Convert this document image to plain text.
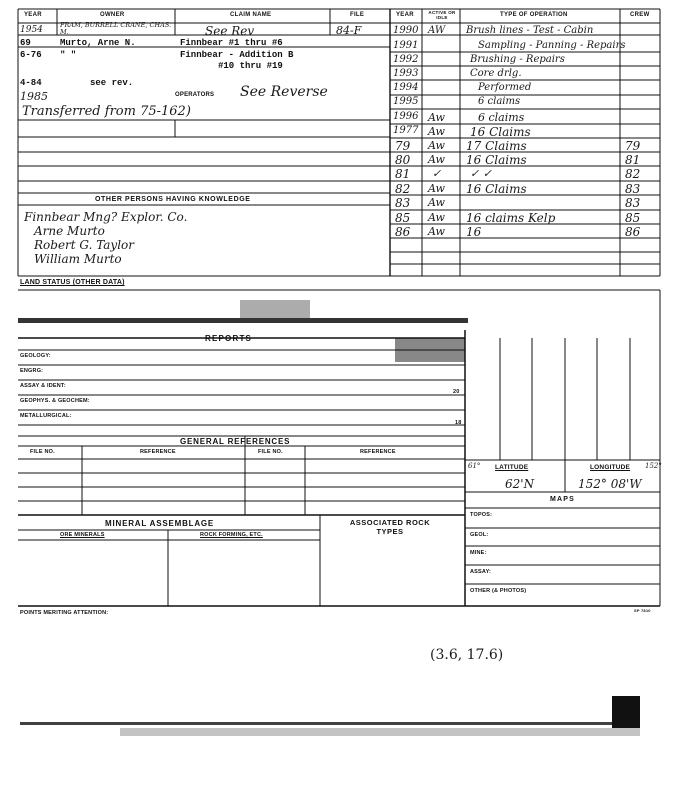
YEAR	OWNER	CLAIM NAME	FILE	YEAR	ACTIVE OR IDLE	TYPE OF OPERATION	CREW
1954	FRAM, BURRELL CRANE, CHAS. M.	See Rev	84-F
69	Murto, Arne N.	Finnbear #1 thru #6
6-76 " "	Finnbear - Addition B
#10 thru #19
4-84	see rev.
1985	OPERATORS See Reverse
Transferred from 75-162)
1990 AW Brush lines - Test - Cabin
1991	Sampling - Panning - Repairs
1992	Brushing - Repairs
1993	Core drlg.
1994	Performed
1995	6 claims
1996 Aw	6 claims
1977 Aw 16 Claims
79 Aw 17 Claims	79
80 Aw 16 Claims	81
81 ✓	✓ ✓	82
82 Aw 16 Claims	83
83 Aw	83
85 Aw 16 claims Kelp	85
86 Aw 16	86
OTHER PERSONS HAVING KNOWLEDGE
Finnbear Mng? Explor. Co.
Arne Murto
Robert G. Taylor
William Murto
LAND STATUS (OTHER DATA)
REPORTS
GEOLOGY:
ENGRG:
ASSAY & IDENT:
20
GEOPHYS. & GEOCHEM:
METALLURGICAL:
18
GENERAL REFERENCES
FILE NO.	REFERENCE	FILE NO.	REFERENCE
61° LATITUDE	LONGITUDE 152°
62'N	152° 08'W
MAPS
TOPOS:
GEOL:
MINE:
ASSAY:
OTHER (& PHOTOS)
MINERAL ASSEMBLAGE
ORE MINERALS	ROCK FORMING, ETC.
ASSOCIATED ROCK TYPES
POINTS MERITING ATTENTION:	SP 7810
(3.6, 17.6)
